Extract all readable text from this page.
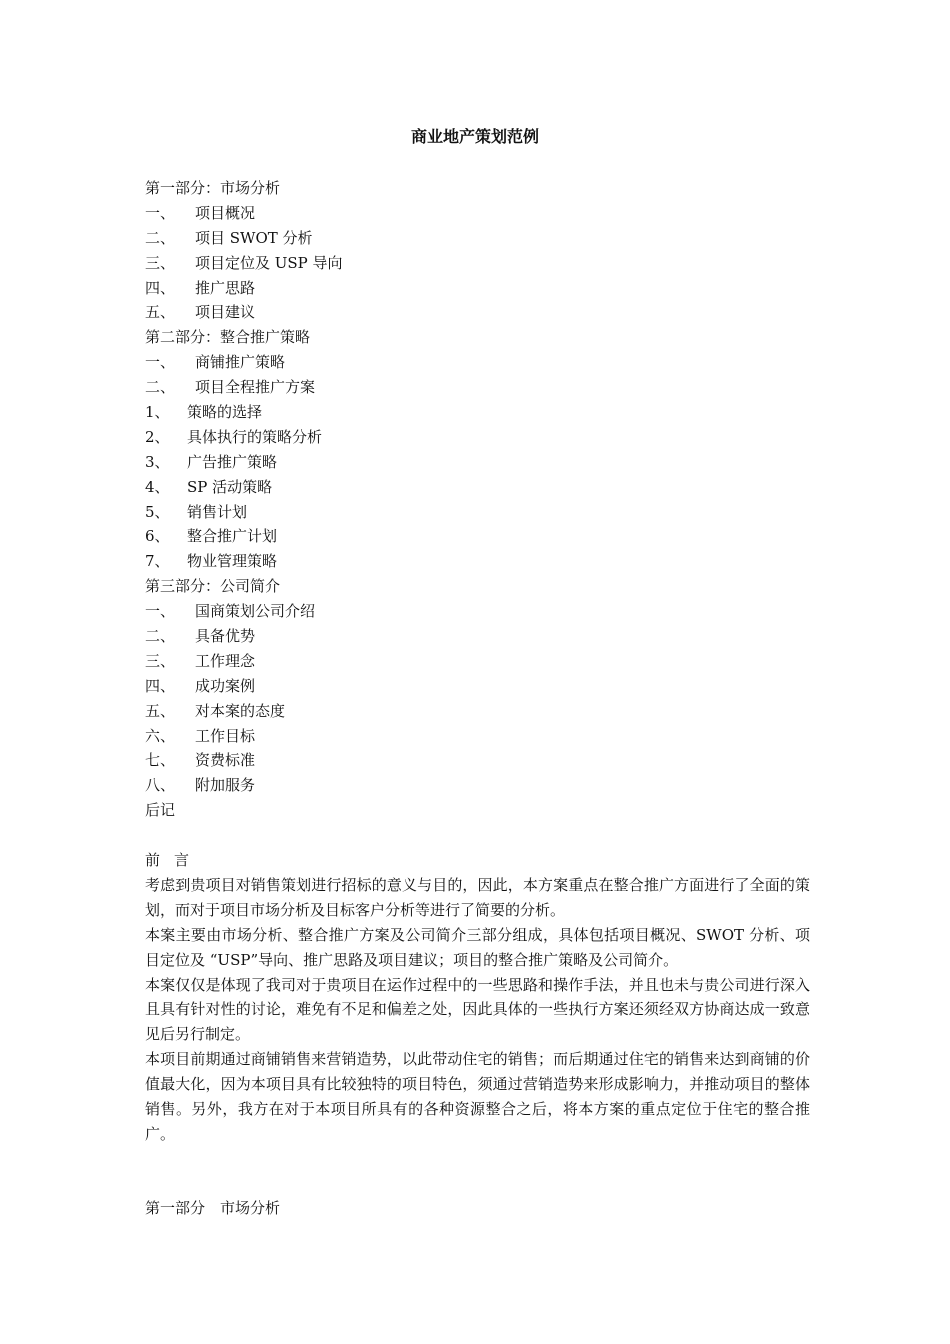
商业地产策划范例
第一部分：市场分析
一、 项目概况
二、 项目 SWOT 分析
三、 项目定位及 USP 导向
四、 推广思路
五、 项目建议
第二部分：整合推广策略
一、 商铺推广策略
二、 项目全程推广方案
1、 策略的选择
2、 具体执行的策略分析
3、 广告推广策略
4、 SP 活动策略
5、 销售计划
6、 整合推广计划
7、 物业管理策略
第三部分：公司简介
一、 国商策划公司介绍
二、 具备优势
三、 工作理念
四、 成功案例
五、 对本案的态度
六、 工作目标
七、 资费标准
八、 附加服务
后记
前言

考虑到贵项目对销售策划进行招标的意义与目的，因此，本方案重点在整合推广方面进行了全面的策划，而对于项目市场分析及目标客户分析等进行了简要的分析。

本案主要由市场分析、整合推广方案及公司简介三部分组成，具体包括项目概况、SWOT 分析、项目定位及 “USP”导向、推广思路及项目建议；项目的整合推广策略及公司简介。

本案仅仅是体现了我司对于贵项目在运作过程中的一些思路和操作手法，并且也未与贵公司进行深入且具有针对性的讨论，难免有不足和偏差之处，因此具体的一些执行方案还须经双方协商达成一致意见后另行制定。

本项目前期通过商铺销售来营销造势，以此带动住宅的销售；而后期通过住宅的销售来达到商铺的价值最大化，因为本项目具有比较独特的项目特色，须通过营销造势来形成影响力，并推动项目的整体销售。另外，我方在对于本项目所具有的各种资源整合之后，将本方案的重点定位于住宅的整合推广。

第一部分　市场分析
